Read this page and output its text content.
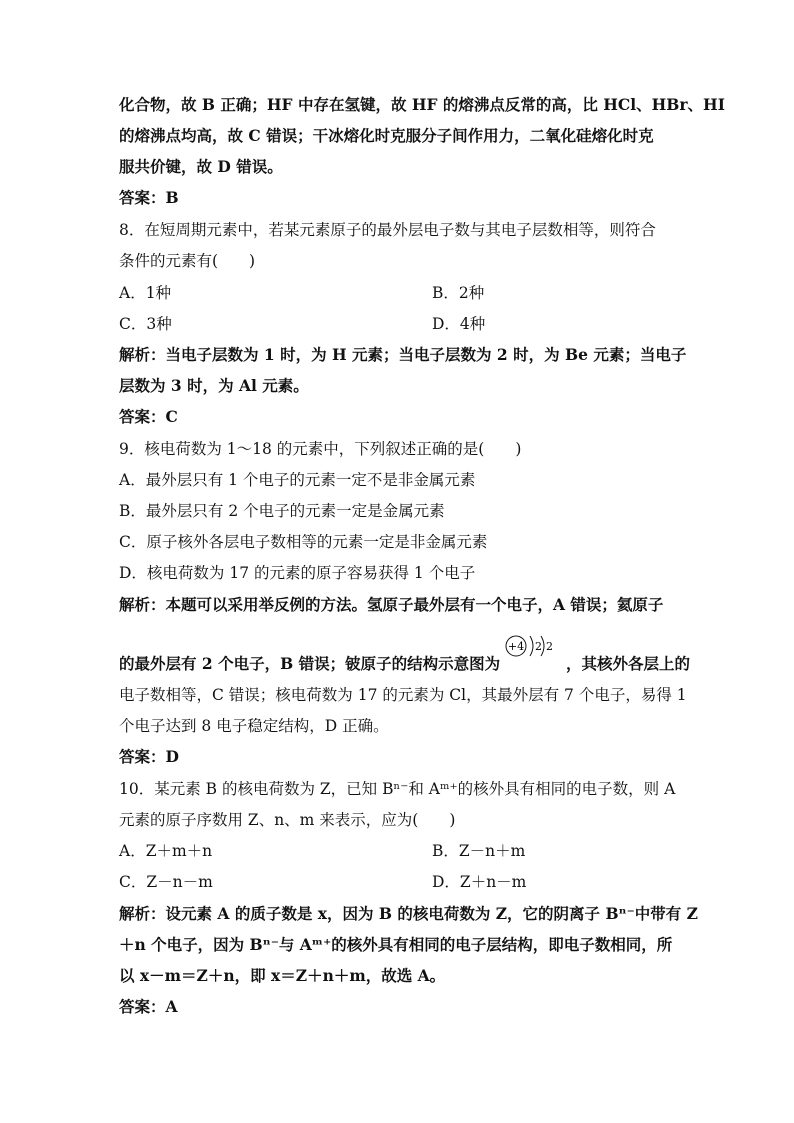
化合物，故 B 正确；HF 中存在氢键，故 HF 的熔沸点反常的高，比 HCl、HBr、HI
的熔沸点均高，故 C 错误；干冰熔化时克服分子间作用力，二氧化硅熔化时克
服共价键，故 D 错误。
答案：B
8．在短周期元素中，若某元素原子的最外层电子数与其电子层数相等，则符合
条件的元素有(　　)
A．1种	B．2种
C．3种	D．4种
解析：当电子层数为 1 时，为 H 元素；当电子层数为 2 时，为 Be 元素；当电子
层数为 3 时，为 Al 元素。
答案：C
9．核电荷数为 1～18 的元素中，下列叙述正确的是(　　)
A．最外层只有 1 个电子的元素一定不是非金属元素
B．最外层只有 2 个电子的元素一定是金属元素
C．原子核外各层电子数相等的元素一定是非金属元素
D．核电荷数为 17 的元素的原子容易获得 1 个电子
解析：本题可以采用举反例的方法。氢原子最外层有一个电子，A 错误；氦原子
的最外层有 2 个电子，B 错误；铍原子的结构示意图为
+4 2 2
，其核外各层上的
电子数相等，C 错误；核电荷数为 17 的元素为 Cl，其最外层有 7 个电子，易得 1
个电子达到 8 电子稳定结构，D 正确。
答案：D
10．某元素 B 的核电荷数为 Z，已知 Bⁿ⁻和 Aᵐ⁺的核外具有相同的电子数，则 A
元素的原子序数用 Z、n、m 来表示，应为(　　)
A．Z＋m＋n	B．Z－n＋m
C．Z－n－m	D．Z＋n－m
解析：设元素 A 的质子数是 x，因为 B 的核电荷数为 Z，它的阴离子 Bⁿ⁻中带有 Z
＋n 个电子，因为 Bⁿ⁻与 Aᵐ⁺的核外具有相同的电子层结构，即电子数相同，所
以 x－m＝Z＋n，即 x＝Z＋n＋m，故选 A。
答案：A
